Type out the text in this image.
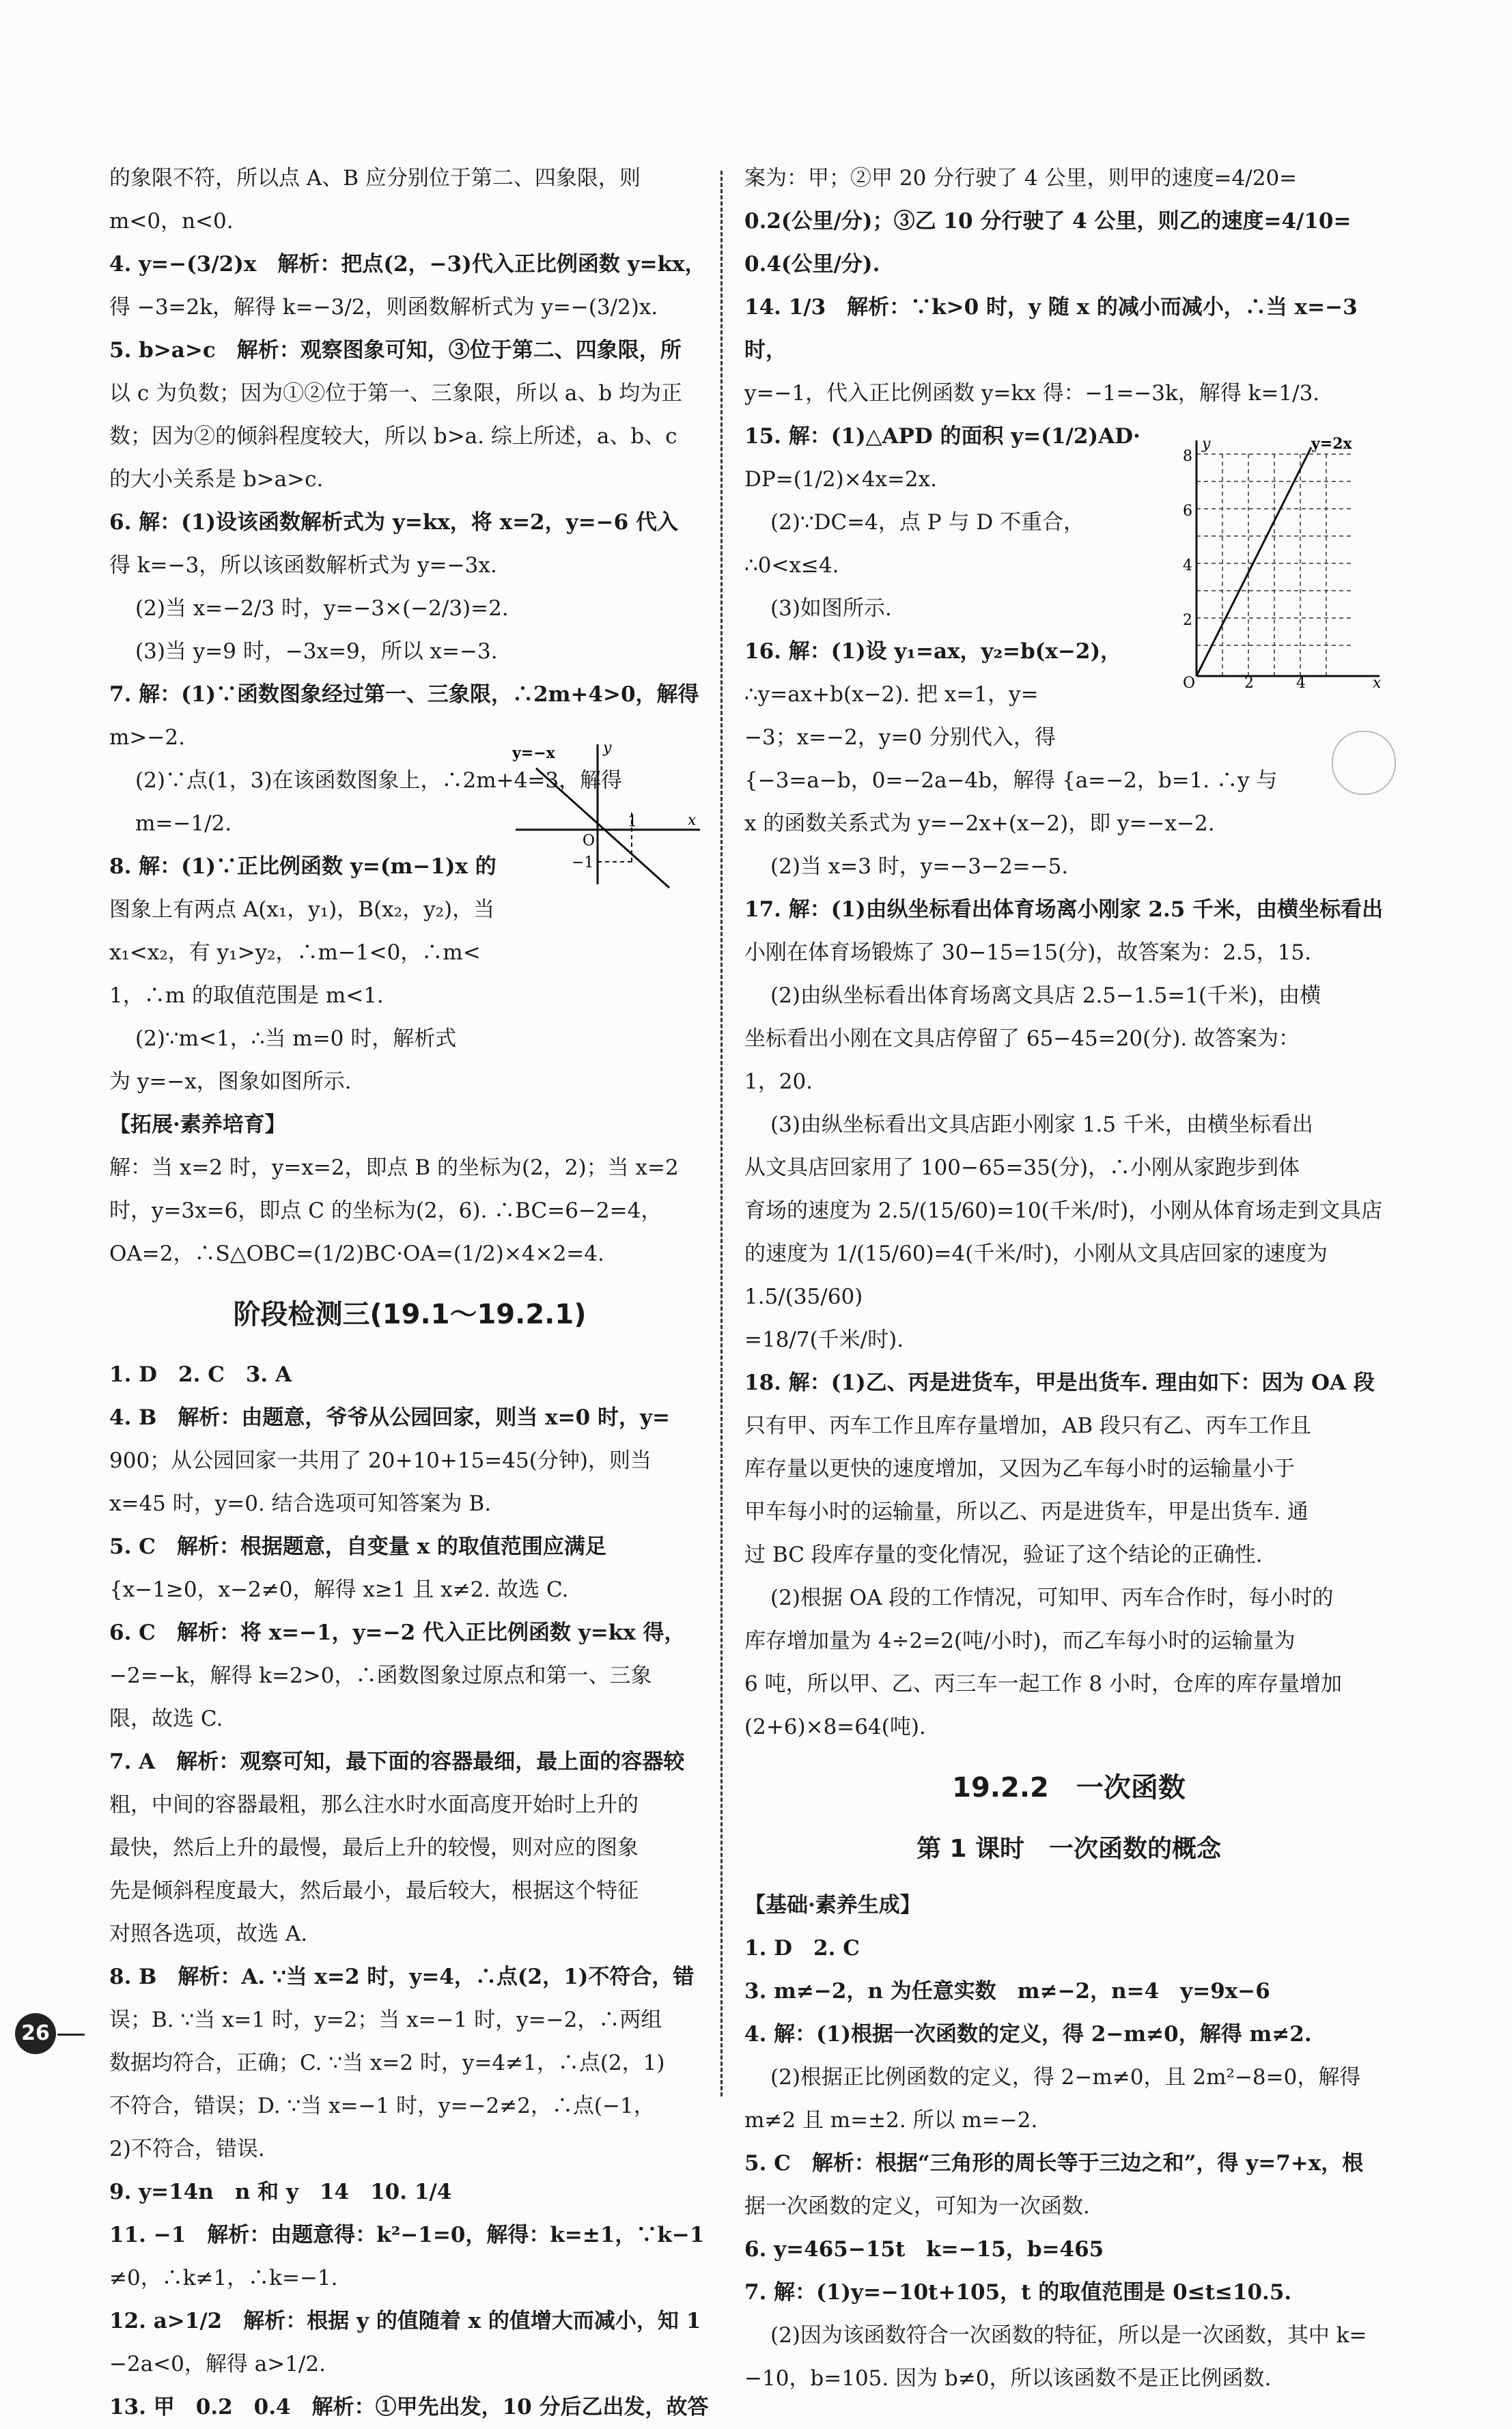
的象限不符，所以点 A、B 应分别位于第二、四象限，则
m<0，n<0.
4. y=−(3/2)x　解析：把点(2，−3)代入正比例函数 y=kx，
得 −3=2k，解得 k=−3/2，则函数解析式为 y=−(3/2)x.
5. b>a>c　解析：观察图象可知，③位于第二、四象限，所
以 c 为负数；因为①②位于第一、三象限，所以 a、b 均为正
数；因为②的倾斜程度较大，所以 b>a. 综上所述，a、b、c
的大小关系是 b>a>c.
6. 解：(1)设该函数解析式为 y=kx，将 x=2，y=−6 代入
得 k=−3，所以该函数解析式为 y=−3x.
(2)当 x=−2/3 时，y=−3×(−2/3)=2.
(3)当 y=9 时，−3x=9，所以 x=−3.
7. 解：(1)∵函数图象经过第一、三象限，∴2m+4>0，解得
m>−2.
(2)∵点(1，3)在该函数图象上，∴2m+4=3，解得 m=−1/2.
8. 解：(1)∵正比例函数 y=(m−1)x 的
图象上有两点 A(x₁，y₁)，B(x₂，y₂)，当
x₁<x₂，有 y₁>y₂，∴m−1<0，∴m<
1，∴m 的取值范围是 m<1.
(2)∵m<1，∴当 m=0 时，解析式
为 y=−x，图象如图所示.
【拓展·素养培育】
解：当 x=2 时，y=x=2，即点 B 的坐标为(2，2)；当 x=2
时，y=3x=6，即点 C 的坐标为(2，6). ∴BC=6−2=4，
OA=2，∴S△OBC=(1/2)BC·OA=(1/2)×4×2=4.
阶段检测三(19.1～19.2.1)
1. D　2. C　3. A
4. B　解析：由题意，爷爷从公园回家，则当 x=0 时，y=
900；从公园回家一共用了 20+10+15=45(分钟)，则当
x=45 时，y=0. 结合选项可知答案为 B.
5. C　解析：根据题意，自变量 x 的取值范围应满足
{x−1≥0，x−2≠0，解得 x≥1 且 x≠2. 故选 C.
6. C　解析：将 x=−1，y=−2 代入正比例函数 y=kx 得，
−2=−k，解得 k=2>0，∴函数图象过原点和第一、三象
限，故选 C.
7. A　解析：观察可知，最下面的容器最细，最上面的容器较
粗，中间的容器最粗，那么注水时水面高度开始时上升的
最快，然后上升的最慢，最后上升的较慢，则对应的图象
先是倾斜程度最大，然后最小，最后较大，根据这个特征
对照各选项，故选 A.
8. B　解析：A. ∵当 x=2 时，y=4，∴点(2，1)不符合，错
误；B. ∵当 x=1 时，y=2；当 x=−1 时，y=−2，∴两组
数据均符合，正确；C. ∵当 x=2 时，y=4≠1，∴点(2，1)
不符合，错误；D. ∵当 x=−1 时，y=−2≠2，∴点(−1，
2)不符合，错误.
9. y=14n　n 和 y　14　10. 1/4
11. −1　解析：由题意得：k²−1=0，解得：k=±1，∵k−1
≠0，∴k≠1，∴k=−1.
12. a>1/2　解析：根据 y 的值随着 x 的值增大而减小，知 1
−2a<0，解得 a>1/2.
13. 甲　0.2　0.4　解析：①甲先出发，10 分后乙出发，故答
案为：甲；②甲 20 分行驶了 4 公里，则甲的速度=4/20=
0.2(公里/分)；③乙 10 分行驶了 4 公里，则乙的速度=4/10=
0.4(公里/分).
14. 1/3　解析：∵k>0 时，y 随 x 的减小而减小，∴当 x=−3 时，
y=−1，代入正比例函数 y=kx 得：−1=−3k，解得 k=1/3.
15. 解：(1)△APD 的面积 y=(1/2)AD·
DP=(1/2)×4x=2x.
(2)∵DC=4，点 P 与 D 不重合，
∴0<x≤4.
(3)如图所示.
16. 解：(1)设 y₁=ax，y₂=b(x−2)，
∴y=ax+b(x−2). 把 x=1，y=
−3；x=−2，y=0 分别代入，得
{−3=a−b，0=−2a−4b，解得 {a=−2，b=1. ∴y 与
x 的函数关系式为 y=−2x+(x−2)，即 y=−x−2.
(2)当 x=3 时，y=−3−2=−5.
17. 解：(1)由纵坐标看出体育场离小刚家 2.5 千米，由横坐标看出
小刚在体育场锻炼了 30−15=15(分)，故答案为：2.5，15.
(2)由纵坐标看出体育场离文具店 2.5−1.5=1(千米)，由横
坐标看出小刚在文具店停留了 65−45=20(分). 故答案为：
1，20.
(3)由纵坐标看出文具店距小刚家 1.5 千米，由横坐标看出
从文具店回家用了 100−65=35(分)，∴小刚从家跑步到体
育场的速度为 2.5/(15/60)=10(千米/时)，小刚从体育场走到文具店
的速度为 1/(15/60)=4(千米/时)，小刚从文具店回家的速度为 1.5/(35/60)
=18/7(千米/时).
18. 解：(1)乙、丙是进货车，甲是出货车. 理由如下：因为 OA 段
只有甲、丙车工作且库存量增加，AB 段只有乙、丙车工作且
库存量以更快的速度增加，又因为乙车每小时的运输量小于
甲车每小时的运输量，所以乙、丙是进货车，甲是出货车. 通
过 BC 段库存量的变化情况，验证了这个结论的正确性.
(2)根据 OA 段的工作情况，可知甲、丙车合作时，每小时的
库存增加量为 4÷2=2(吨/小时)，而乙车每小时的运输量为
6 吨，所以甲、乙、丙三车一起工作 8 小时，仓库的库存量增加
(2+6)×8=64(吨).
19.2.2　一次函数
第 1 课时　一次函数的概念
【基础·素养生成】
1. D　2. C
3. m≠−2，n 为任意实数　m≠−2，n=4　y=9x−6
4. 解：(1)根据一次函数的定义，得 2−m≠0，解得 m≠2.
(2)根据正比例函数的定义，得 2−m≠0，且 2m²−8=0，解得
m≠2 且 m=±2. 所以 m=−2.
5. C　解析：根据“三角形的周长等于三边之和”，得 y=7+x，根
据一次函数的定义，可知为一次函数.
6. y=465−15t　k=−15，b=465
7. 解：(1)y=−10t+105，t 的取值范围是 0≤t≤10.5.
(2)因为该函数符合一次函数的特征，所以是一次函数，其中 k=
−10，b=105. 因为 b≠0，所以该函数不是正比例函数.
y=−x
O
1
−1
x
y
8
6
4
2
O	2	4	x
y	y=2x
26
